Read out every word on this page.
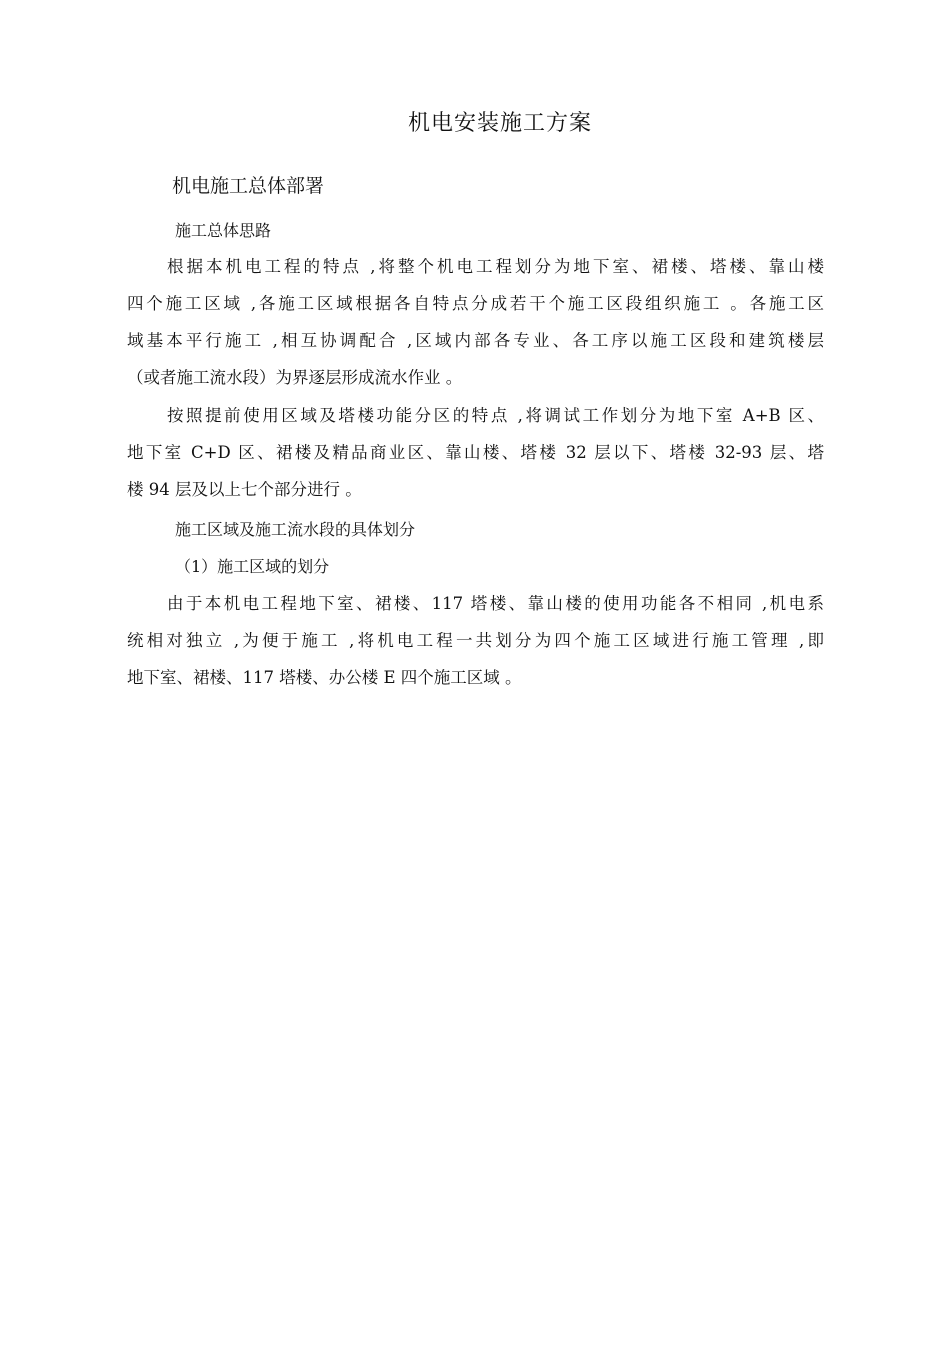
机电安装施工方案
机电施工总体部署
施工总体思路
根据本机电工程的特点 ,将整个机电工程划分为地下室、裙楼、塔楼、靠山楼
四个施工区域 ,各施工区域根据各自特点分成若干个施工区段组织施工 。各施工区
域基本平行施工 ,相互协调配合 ,区域内部各专业、各工序以施工区段和建筑楼层
（或者施工流水段）为界逐层形成流水作业 。
按照提前使用区域及塔楼功能分区的特点 ,将调试工作划分为地下室 A+B 区、
地下室 C+D 区、裙楼及精品商业区、靠山楼、塔楼 32 层以下、塔楼 32-93 层、塔
楼 94 层及以上七个部分进行 。
施工区域及施工流水段的具体划分
（1）施工区域的划分
由于本机电工程地下室、裙楼、117 塔楼、靠山楼的使用功能各不相同 ,机电系
统相对独立 ,为便于施工 ,将机电工程一共划分为四个施工区域进行施工管理 ,即
地下室、裙楼、117 塔楼、办公楼 E 四个施工区域 。
